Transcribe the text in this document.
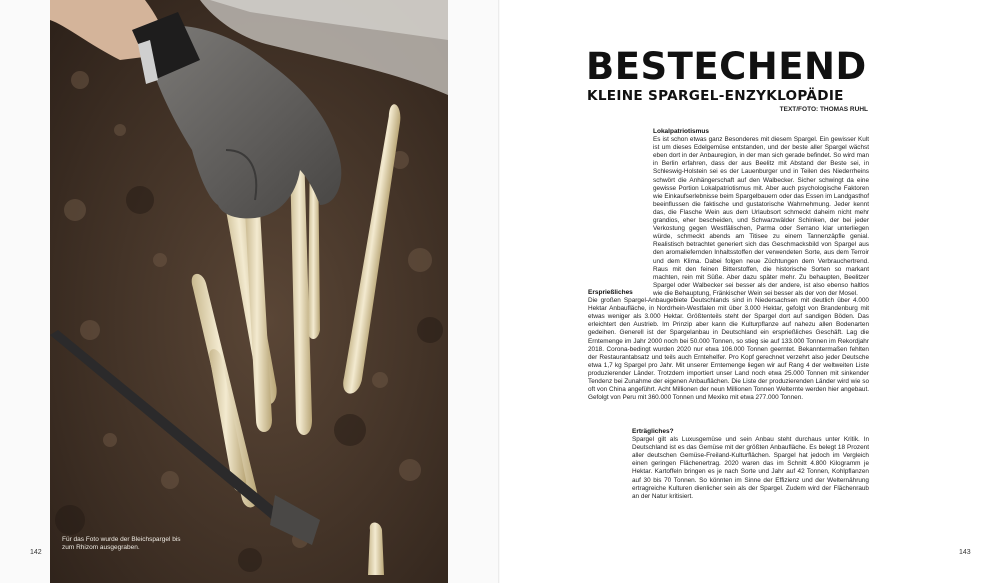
Für das Foto wurde der Bleichspargel bis zum Rhizom ausgegraben.
142
BESTECHEND
KLEINE SPARGEL-ENZYKLOPÄDIE
TEXT/FOTO: THOMAS RUHL
Lokalpatriotismus

Es ist schon etwas ganz Besonderes mit diesem Spargel. Ein gewisser Kult ist um dieses Edelgemüse entstanden, und der beste aller Spargel wächst eben dort in der Anbauregion, in der man sich gerade befindet. So wird man in Berlin erfahren, dass der aus Beelitz mit Abstand der Beste sei, in Schleswig-Holstein sei es der Lauenburger und in Teilen des Niederrheins schwört die Anhängerschaft auf den Walbecker. Sicher schwingt da eine gewisse Portion Lokalpatriotismus mit. Aber auch psychologische Faktoren wie Einkaufserlebnisse beim Spargelbauern oder das Essen im Landgasthof beeinflussen die faktische und gustatorische Wahrnehmung. Jeder kennt das, die Flasche Wein aus dem Urlaubsort schmeckt daheim nicht mehr grandios, eher bescheiden, und Schwarzwälder Schinken, der bei jeder Verkostung gegen Westfälischen, Parma oder Serrano klar unterliegen würde, schmeckt abends am Titisee zu einem Tannenzäpfle genial. Realistisch betrachtet generiert sich das Geschmacksbild von Spargel aus den aromaliefernden Inhaltsstoffen der verwendeten Sorte, aus dem Terroir und dem Klima. Dabei folgen neue Züchtungen dem Verbrauchertrend. Raus mit den feinen Bitterstoffen, die historische Sorten so markant machten, rein mit Süße. Aber dazu später mehr. Zu behaupten, Beelitzer Spargel oder Walbecker sei besser als der andere, ist also ebenso haltlos wie die Behauptung, Fränkischer Wein sei besser als der von der Mosel.

Ersprießliches

Die großen Spargel-Anbaugebiete Deutschlands sind in Niedersachsen mit deutlich über 4.000 Hektar Anbaufläche, in Nordrhein-Westfalen mit über 3.000 Hektar, gefolgt von Brandenburg mit etwas weniger als 3.000 Hektar. Größtenteils steht der Spargel dort auf sandigen Böden. Das erleichtert den Austrieb. Im Prinzip aber kann die Kulturpflanze auf nahezu allen Bodenarten gedeihen. Generell ist der Spargelanbau in Deutschland ein ersprießliches Geschäft. Lag die Erntemenge im Jahr 2000 noch bei 50.000 Tonnen, so stieg sie auf 133.000 Tonnen im Rekordjahr 2018. Corona-bedingt wurden 2020 nur etwa 106.000 Tonnen geerntet. Bekanntermaßen fehlten der Restaurantabsatz und teils auch Erntehelfer. Pro Kopf gerechnet verzehrt also jeder Deutsche etwa 1,7 kg Spargel pro Jahr. Mit unserer Erntemenge liegen wir auf Rang 4 der weltweiten Liste produzierender Länder. Trotzdem importiert unser Land noch etwa 25.000 Tonnen mit sinkender Tendenz bei Zunahme der eigenen Anbauflächen. Die Liste der produzierenden Länder wird wie so oft von China angeführt. Acht Millionen der neun Millionen Tonnen Welternte werden hier angebaut. Gefolgt von Peru mit 360.000 Tonnen und Mexiko mit etwa 277.000 Tonnen.

Erträgliches?

Spargel gilt als Luxusgemüse und sein Anbau steht durchaus unter Kritik. In Deutschland ist es das Gemüse mit der größten Anbaufläche. Es belegt 18 Prozent aller deutschen Gemüse-Freiland-Kulturflächen. Spargel hat jedoch im Vergleich einen geringen Flächenertrag. 2020 waren das im Schnitt 4.800 Kilogramm je Hektar. Kartoffeln bringen es je nach Sorte und Jahr auf 42 Tonnen, Kohlpflanzen auf 30 bis 70 Tonnen. So könnten im Sinne der Effizienz und der Welternährung ertragreiche Kulturen dienlicher sein als der Spargel. Zudem wird der Flächenraub an der Natur kritisiert.

143
